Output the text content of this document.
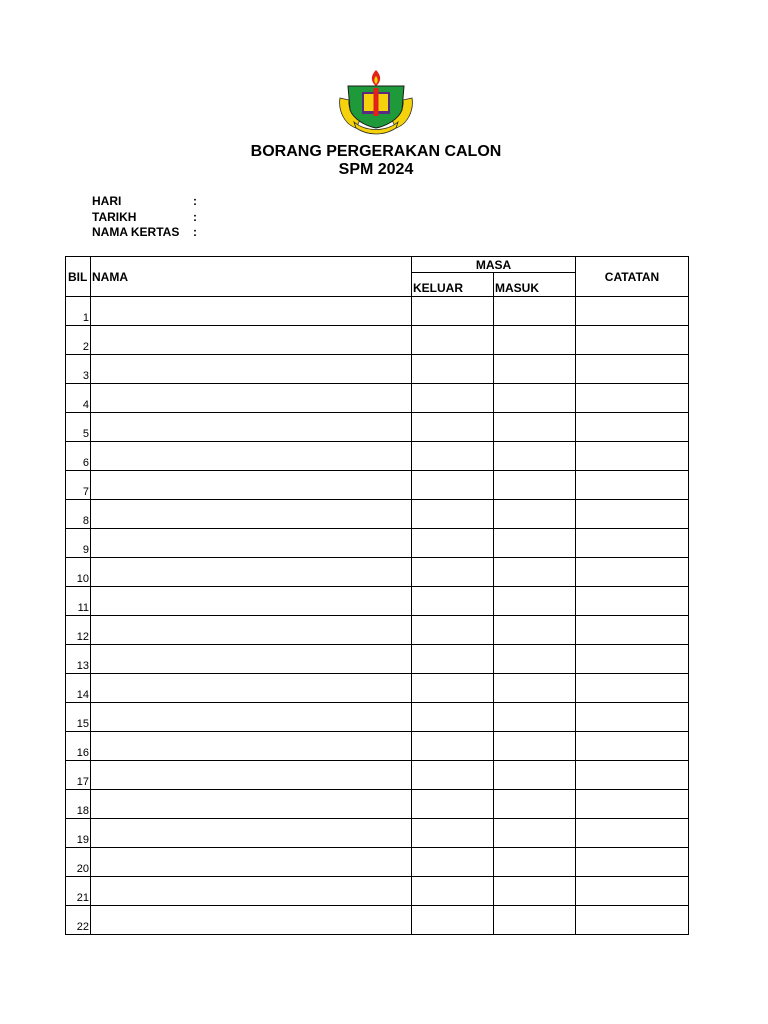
BORANG PERGERAKAN CALON
SPM 2024
HARI	:
TARIKH	:
NAMA KERTAS	:
BIL	NAMA	MASA		CATATAN
		KELUAR	MASUK	
1				
2				
3				
4				
5				
6				
7				
8				
9				
10				
11				
12				
13				
14				
15				
16				
17				
18				
19				
20				
21				
22				
